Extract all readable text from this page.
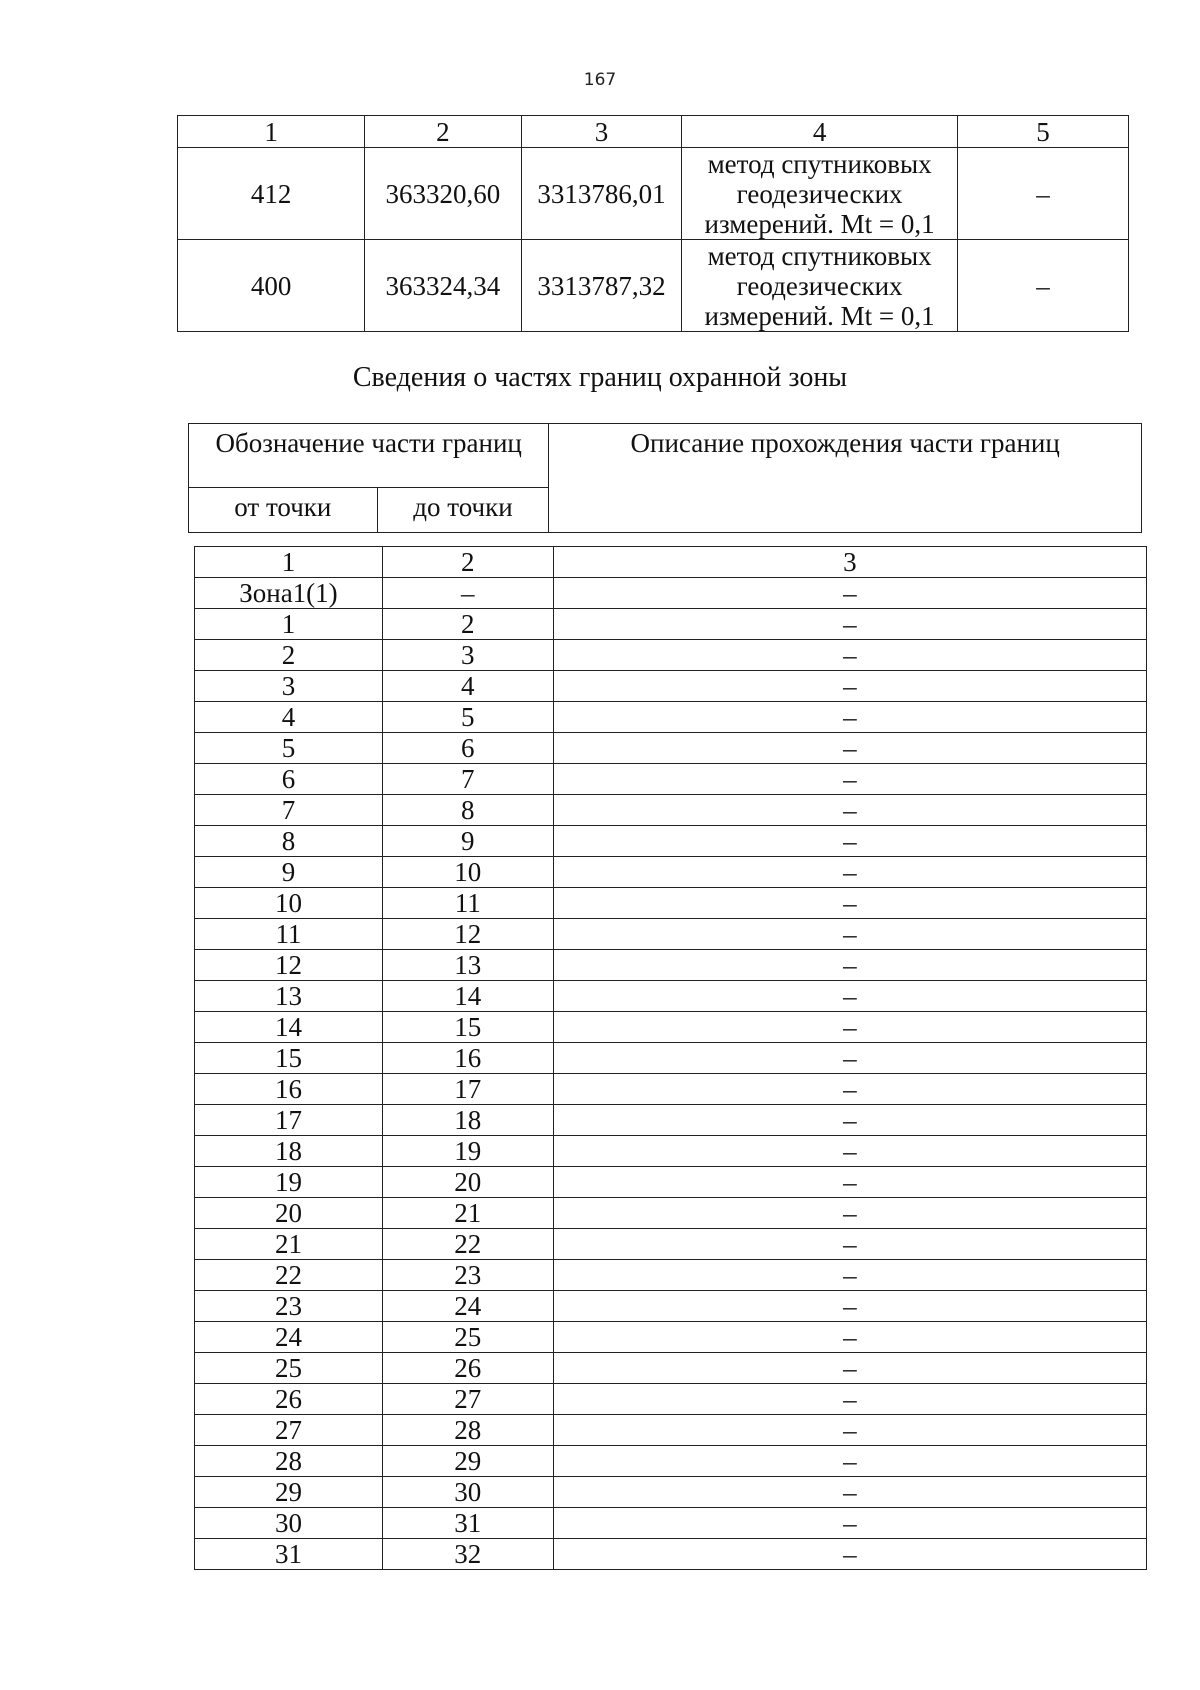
167
1	2	3	4	5
412	363320,60	3313786,01	метод спутниковых
геодезических
измерений. Mt = 0,1	–
400	363324,34	3313787,32	метод спутниковых
геодезических
измерений. Mt = 0,1	–
Сведения о частях границ охранной зоны
Обозначение части границ		Описание прохождения части границ
от точки	до точки	
1	2	3
Зона1(1)	–	–
1	2	–
2	3	–
3	4	–
4	5	–
5	6	–
6	7	–
7	8	–
8	9	–
9	10	–
10	11	–
11	12	–
12	13	–
13	14	–
14	15	–
15	16	–
16	17	–
17	18	–
18	19	–
19	20	–
20	21	–
21	22	–
22	23	–
23	24	–
24	25	–
25	26	–
26	27	–
27	28	–
28	29	–
29	30	–
30	31	–
31	32	–
